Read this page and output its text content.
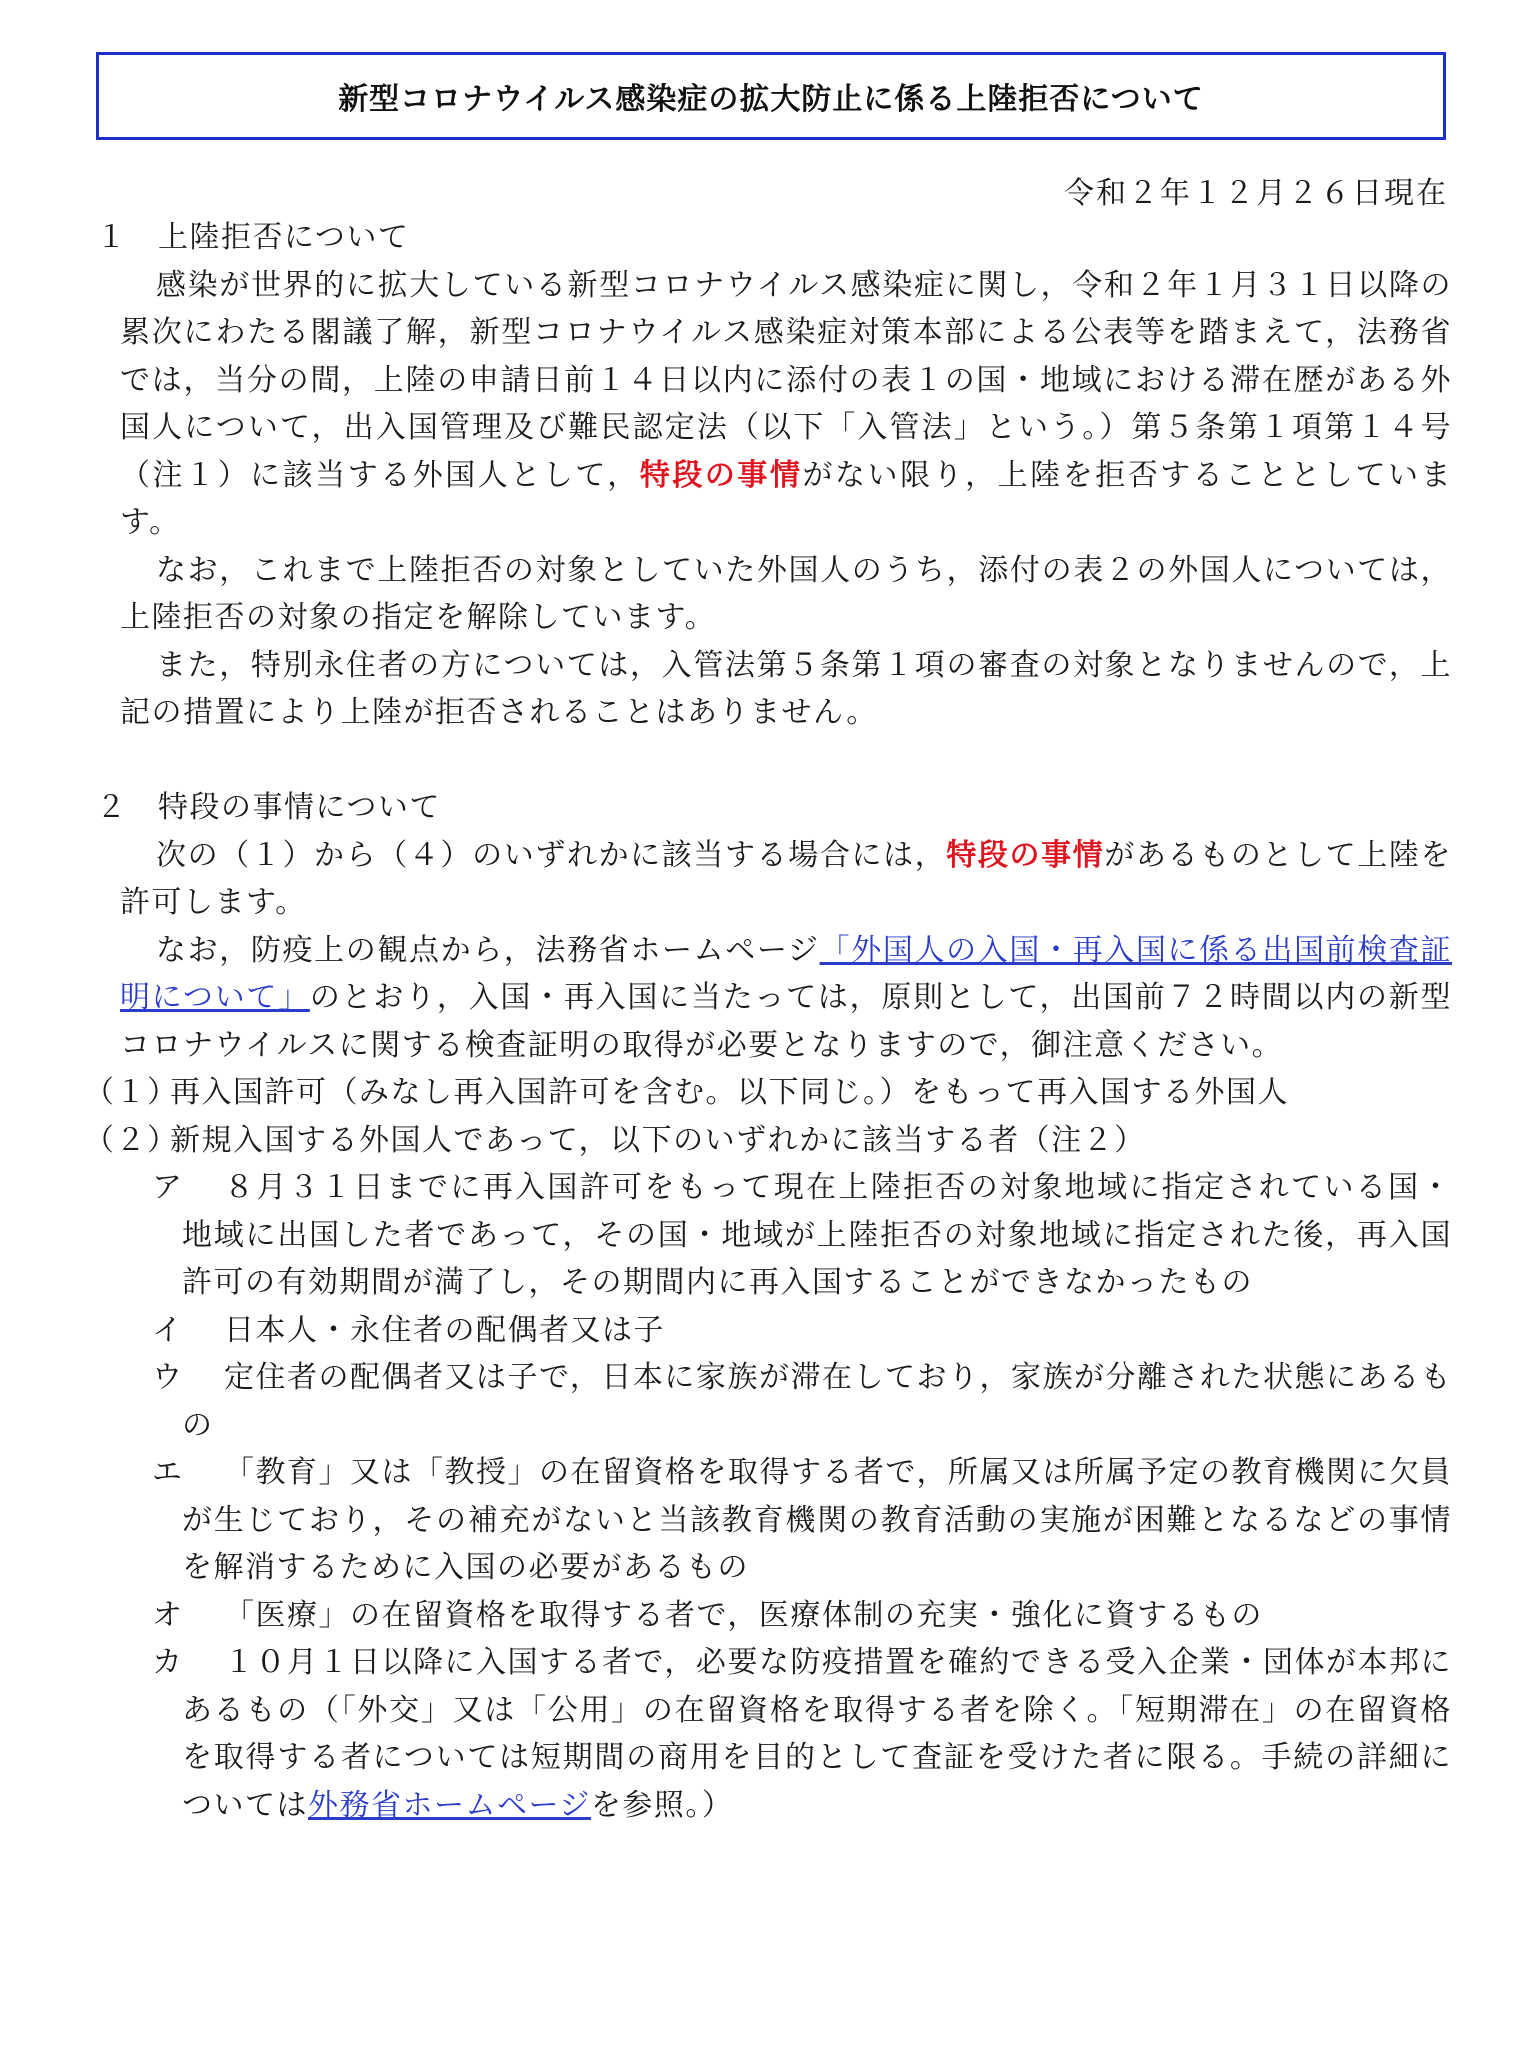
新型コロナウイルス感染症の拡大防止に係る上陸拒否について
令和２年１２月２６日現在

１ 上陸拒否について

感染が世界的に拡大している新型コロナウイルス感染症に関し，令和２年１月３１日以降の累次にわたる閣議了解，新型コロナウイルス感染症対策本部による公表等を踏まえて，法務省では，当分の間，上陸の申請日前１４日以内に添付の表１の国・地域における滞在歴がある外国人について，出入国管理及び難民認定法（以下「入管法」という。）第５条第１項第１４号（注１）に該当する外国人として，特段の事情がない限り，上陸を拒否することとしています。

なお，これまで上陸拒否の対象としていた外国人のうち，添付の表２の外国人については，上陸拒否の対象の指定を解除しています。

また，特別永住者の方については，入管法第５条第１項の審査の対象となりませんので，上記の措置により上陸が拒否されることはありません。

２ 特段の事情について

次の（１）から（４）のいずれかに該当する場合には，特段の事情があるものとして上陸を許可します。

なお，防疫上の観点から，法務省ホームページ「外国人の入国・再入国に係る出国前検査証明について」のとおり，入国・再入国に当たっては，原則として，出国前７２時間以内の新型コロナウイルスに関する検査証明の取得が必要となりますので，御注意ください。

（１）
再入国許可（みなし再入国許可を含む。以下同じ。）をもって再入国する外国人

（２）
新規入国する外国人であって，以下のいずれかに該当する者（注２）

ア	８月３１日までに再入国許可をもって現在上陸拒否の対象地域に指定されている国・地域に出国した者であって，その国・地域が上陸拒否の対象地域に指定された後，再入国許可の有効期間が満了し，その期間内に再入国することができなかったもの

イ	日本人・永住者の配偶者又は子

ウ	定住者の配偶者又は子で，日本に家族が滞在しており，家族が分離された状態にあるもの

エ	「教育」又は「教授」の在留資格を取得する者で，所属又は所属予定の教育機関に欠員が生じており，その補充がないと当該教育機関の教育活動の実施が困難となるなどの事情を解消するために入国の必要があるもの

オ	「医療」の在留資格を取得する者で，医療体制の充実・強化に資するもの

カ	１０月１日以降に入国する者で，必要な防疫措置を確約できる受入企業・団体が本邦にあるもの（「外交」又は「公用」の在留資格を取得する者を除く。「短期滞在」の在留資格を取得する者については短期間の商用を目的として査証を受けた者に限る。手続の詳細については外務省ホームページを参照。）
